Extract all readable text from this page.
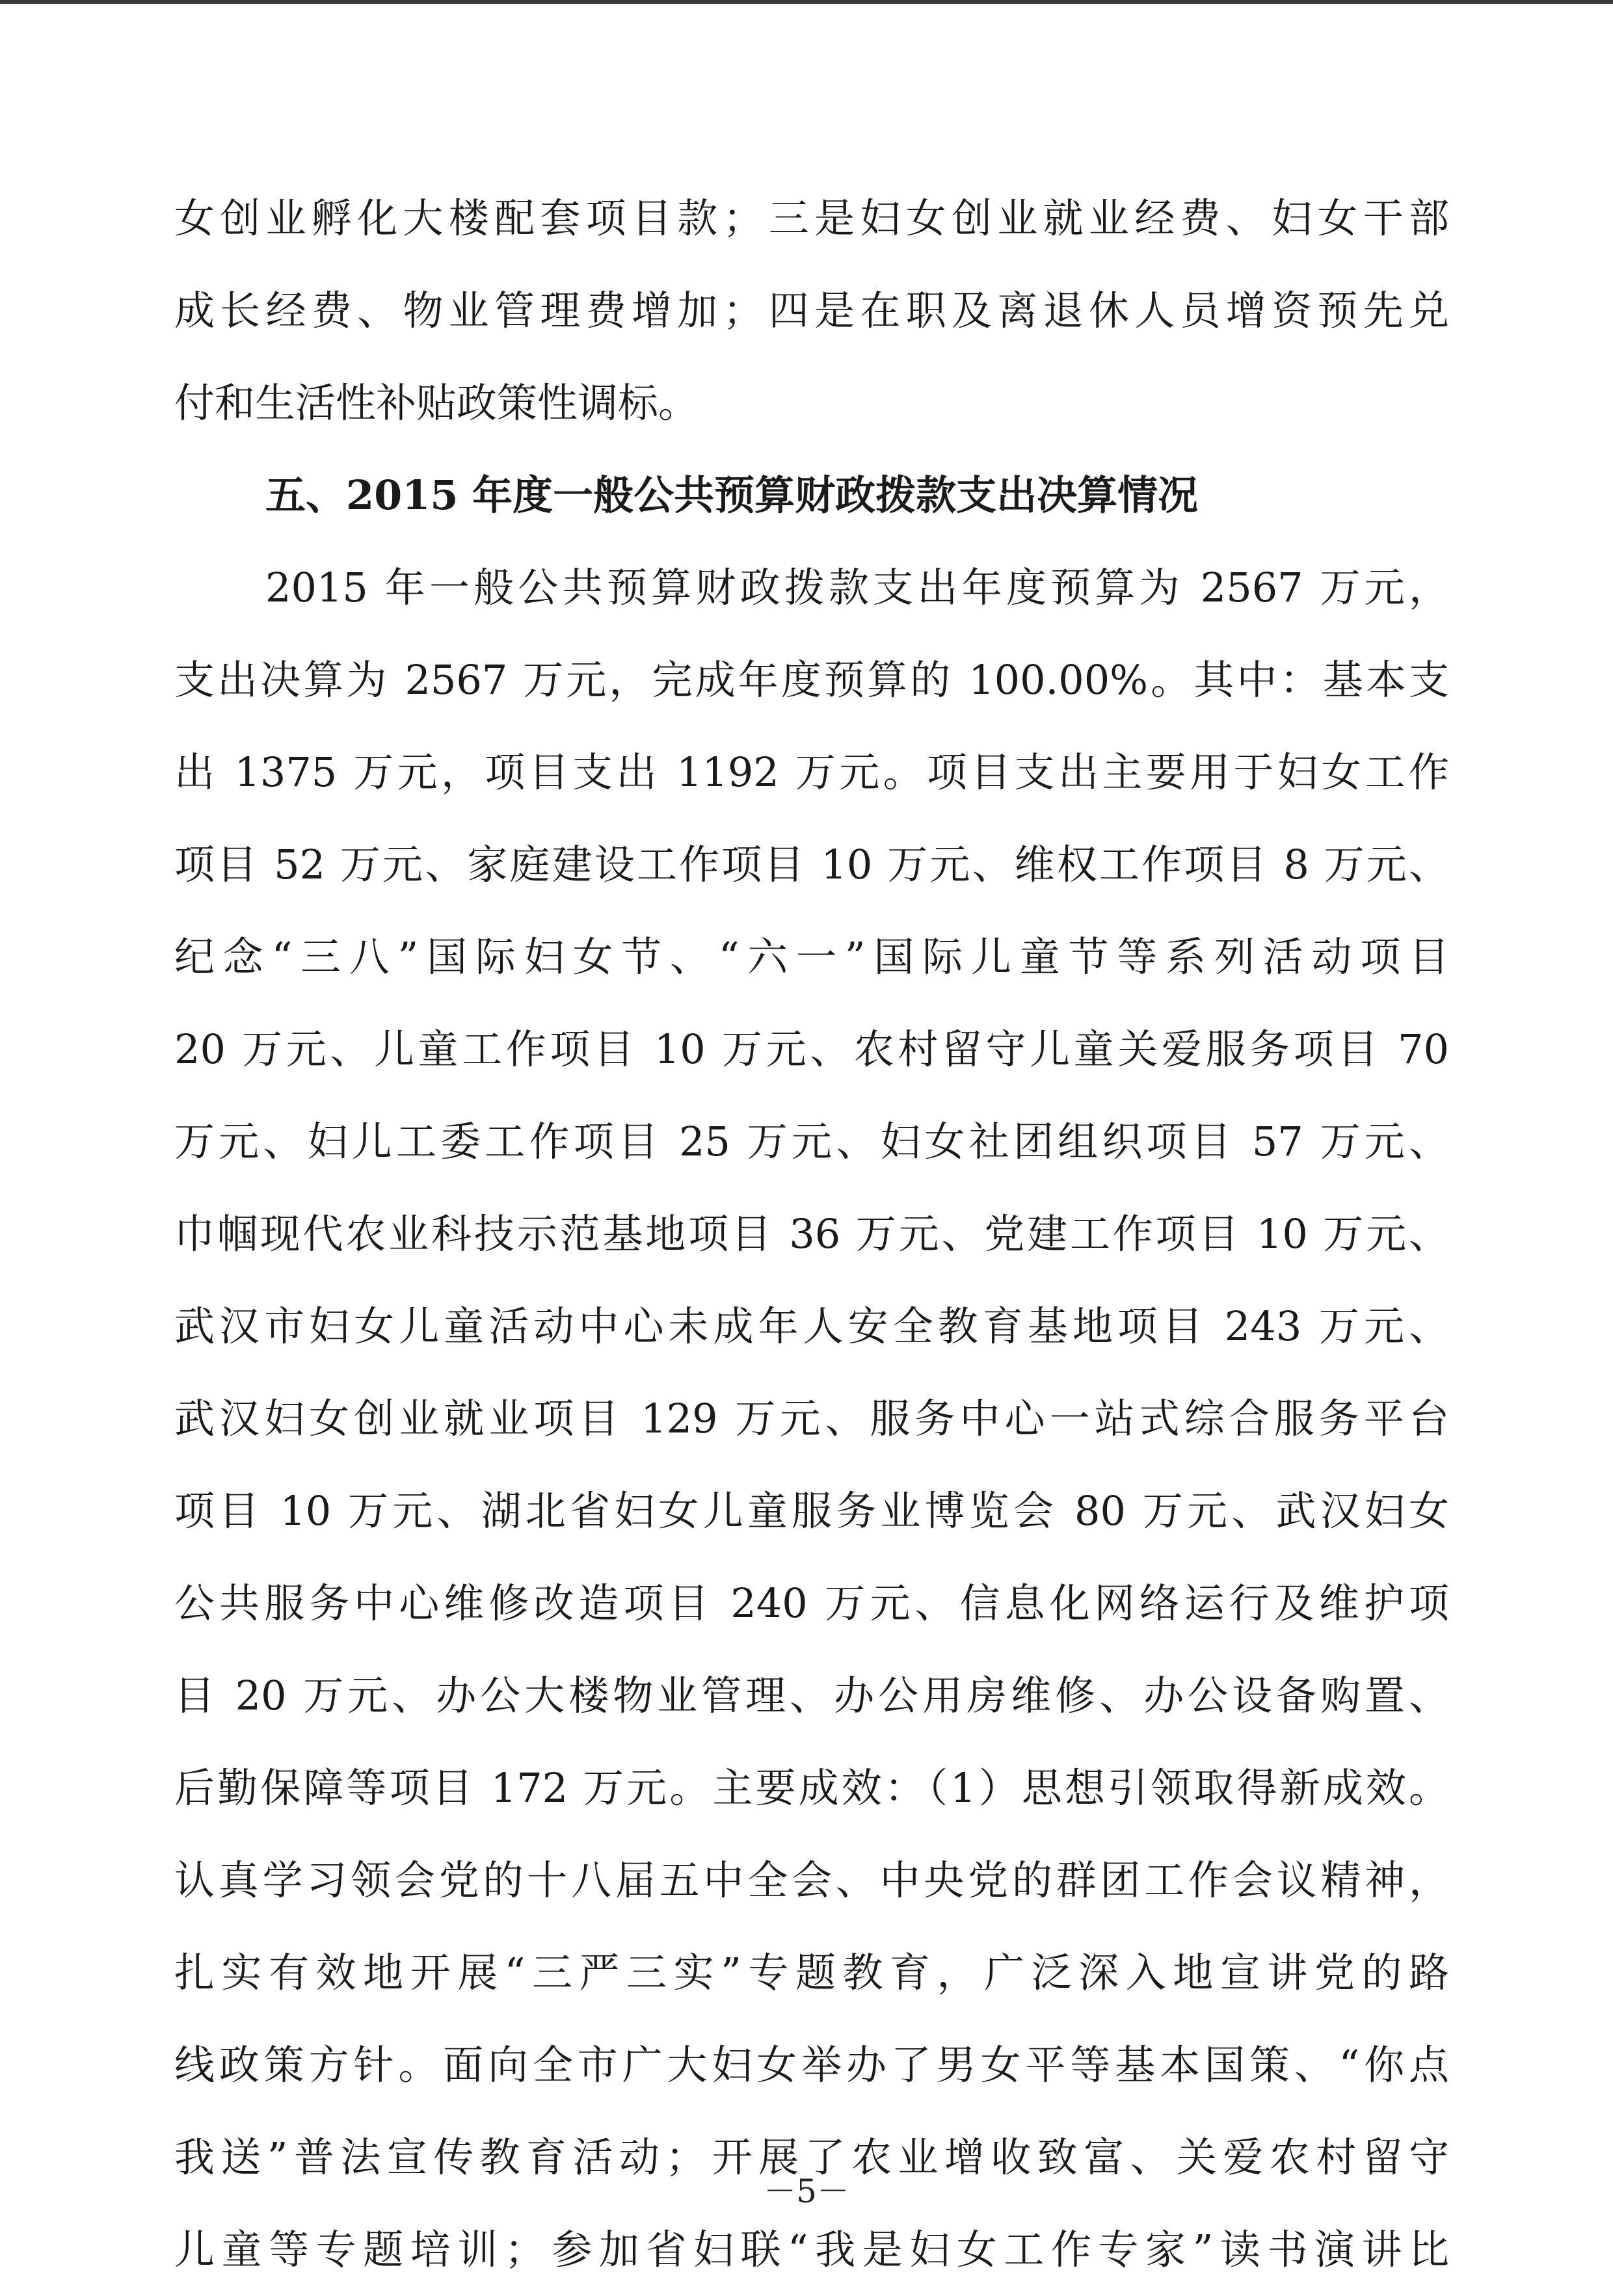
女创业孵化大楼配套项目款；三是妇女创业就业经费、妇女干部
成长经费、物业管理费增加；四是在职及离退休人员增资预先兑
付和生活性补贴政策性调标。
五、2015 年度一般公共预算财政拨款支出决算情况
2015 年一般公共预算财政拨款支出年度预算为 2567 万元，
支出决算为 2567 万元，完成年度预算的 100.00%。其中：基本支
出 1375 万元，项目支出 1192 万元。项目支出主要用于妇女工作
项目 52 万元、家庭建设工作项目 10 万元、维权工作项目 8 万元、
纪念“三八”国际妇女节、“六一”国际儿童节等系列活动项目
20 万元、儿童工作项目 10 万元、农村留守儿童关爱服务项目 70
万元、妇儿工委工作项目 25 万元、妇女社团组织项目 57 万元、
巾帼现代农业科技示范基地项目 36 万元、党建工作项目 10 万元、
武汉市妇女儿童活动中心未成年人安全教育基地项目 243 万元、
武汉妇女创业就业项目 129 万元、服务中心一站式综合服务平台
项目 10 万元、湖北省妇女儿童服务业博览会 80 万元、武汉妇女
公共服务中心维修改造项目 240 万元、信息化网络运行及维护项
目 20 万元、办公大楼物业管理、办公用房维修、办公设备购置、
后勤保障等项目 172 万元。主要成效：（1）思想引领取得新成效。
认真学习领会党的十八届五中全会、中央党的群团工作会议精神，
扎实有效地开展“三严三实”专题教育，广泛深入地宣讲党的路
线政策方针。面向全市广大妇女举办了男女平等基本国策、“你点
我送”普法宣传教育活动；开展了农业增收致富、关爱农村留守
儿童等专题培训；参加省妇联“我是妇女工作专家”读书演讲比
－5－
